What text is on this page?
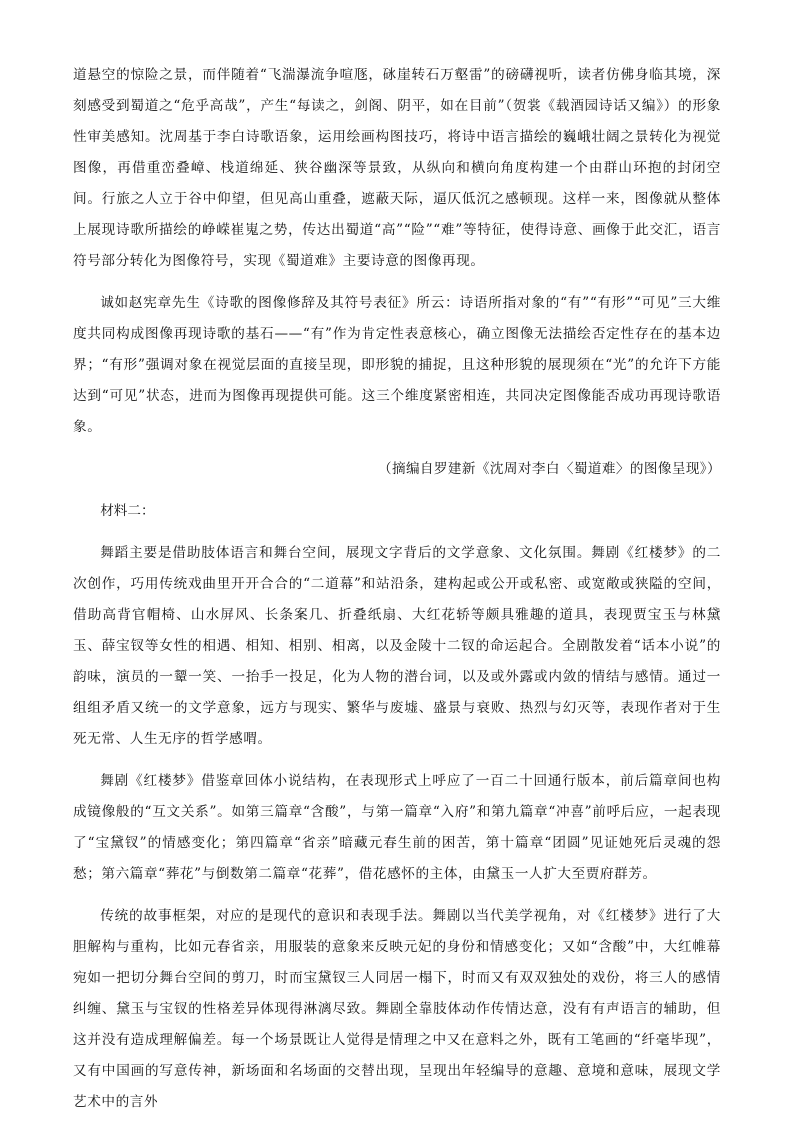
道悬空的惊险之景，而伴随着“飞湍瀑流争喧豗，砯崖转石万壑雷”的磅礴视听，读者仿佛身临其境，深刻感受到蜀道之“危乎高哉”，产生“每读之，剑阁、阴平，如在目前”（贺裳《载酒园诗话又编》）的形象性审美感知。沈周基于李白诗歌语象，运用绘画构图技巧，将诗中语言描绘的巍峨壮阔之景转化为视觉图像，再借重峦叠嶂、栈道绵延、狭谷幽深等景致，从纵向和横向角度构建一个由群山环抱的封闭空间。行旅之人立于谷中仰望，但见高山重叠，遮蔽天际，逼仄低沉之感顿现。这样一来，图像就从整体上展现诗歌所描绘的峥嵘崔嵬之势，传达出蜀道“高”“险”“难”等特征，使得诗意、画像于此交汇，语言符号部分转化为图像符号，实现《蜀道难》主要诗意的图像再现。

诚如赵宪章先生《诗歌的图像修辞及其符号表征》所云：诗语所指对象的“有”“有形”“可见”三大维度共同构成图像再现诗歌的基石——“有”作为肯定性表意核心，确立图像无法描绘否定性存在的基本边界；“有形”强调对象在视觉层面的直接呈现，即形貌的捕捉，且这种形貌的展现须在“光”的允许下方能达到“可见”状态，进而为图像再现提供可能。这三个维度紧密相连，共同决定图像能否成功再现诗歌语象。

（摘编自罗建新《沈周对李白〈蜀道难〉的图像呈现》）

材料二：

舞蹈主要是借助肢体语言和舞台空间，展现文字背后的文学意象、文化氛围。舞剧《红楼梦》的二次创作，巧用传统戏曲里开开合合的“二道幕”和站沿条，建构起或公开或私密、或宽敞或狭隘的空间，借助高背官帽椅、山水屏风、长条案几、折叠纸扇、大红花轿等颇具雅趣的道具，表现贾宝玉与林黛玉、薛宝钗等女性的相遇、相知、相别、相离，以及金陵十二钗的命运起合。全剧散发着“话本小说”的韵味，演员的一颦一笑、一抬手一投足，化为人物的潜台词，以及或外露或内敛的情结与感情。通过一组组矛盾又统一的文学意象，远方与现实、繁华与废墟、盛景与衰败、热烈与幻灭等，表现作者对于生死无常、人生无序的哲学感喟。

舞剧《红楼梦》借鉴章回体小说结构，在表现形式上呼应了一百二十回通行版本，前后篇章间也构成镜像般的“互文关系”。如第三篇章“含酸”，与第一篇章“入府”和第九篇章“冲喜”前呼后应，一起表现了“宝黛钗”的情感变化；第四篇章“省亲”暗藏元春生前的困苦，第十篇章“团圆”见证她死后灵魂的怨愁；第六篇章“葬花”与倒数第二篇章“花葬”，借花感怀的主体，由黛玉一人扩大至贾府群芳。

传统的故事框架，对应的是现代的意识和表现手法。舞剧以当代美学视角，对《红楼梦》进行了大胆解构与重构，比如元春省亲，用服装的意象来反映元妃的身份和情感变化；又如“含酸”中，大红帷幕宛如一把切分舞台空间的剪刀，时而宝黛钗三人同居一榻下，时而又有双双独处的戏份，将三人的感情纠缠、黛玉与宝钗的性格差异体现得淋漓尽致。舞剧全靠肢体动作传情达意，没有有声语言的辅助，但这并没有造成理解偏差。每一个场景既让人觉得是情理之中又在意料之外，既有工笔画的“纤毫毕现”，又有中国画的写意传神，新场面和名场面的交替出现，呈现出年轻编导的意趣、意境和意味，展现文学艺术中的言外
